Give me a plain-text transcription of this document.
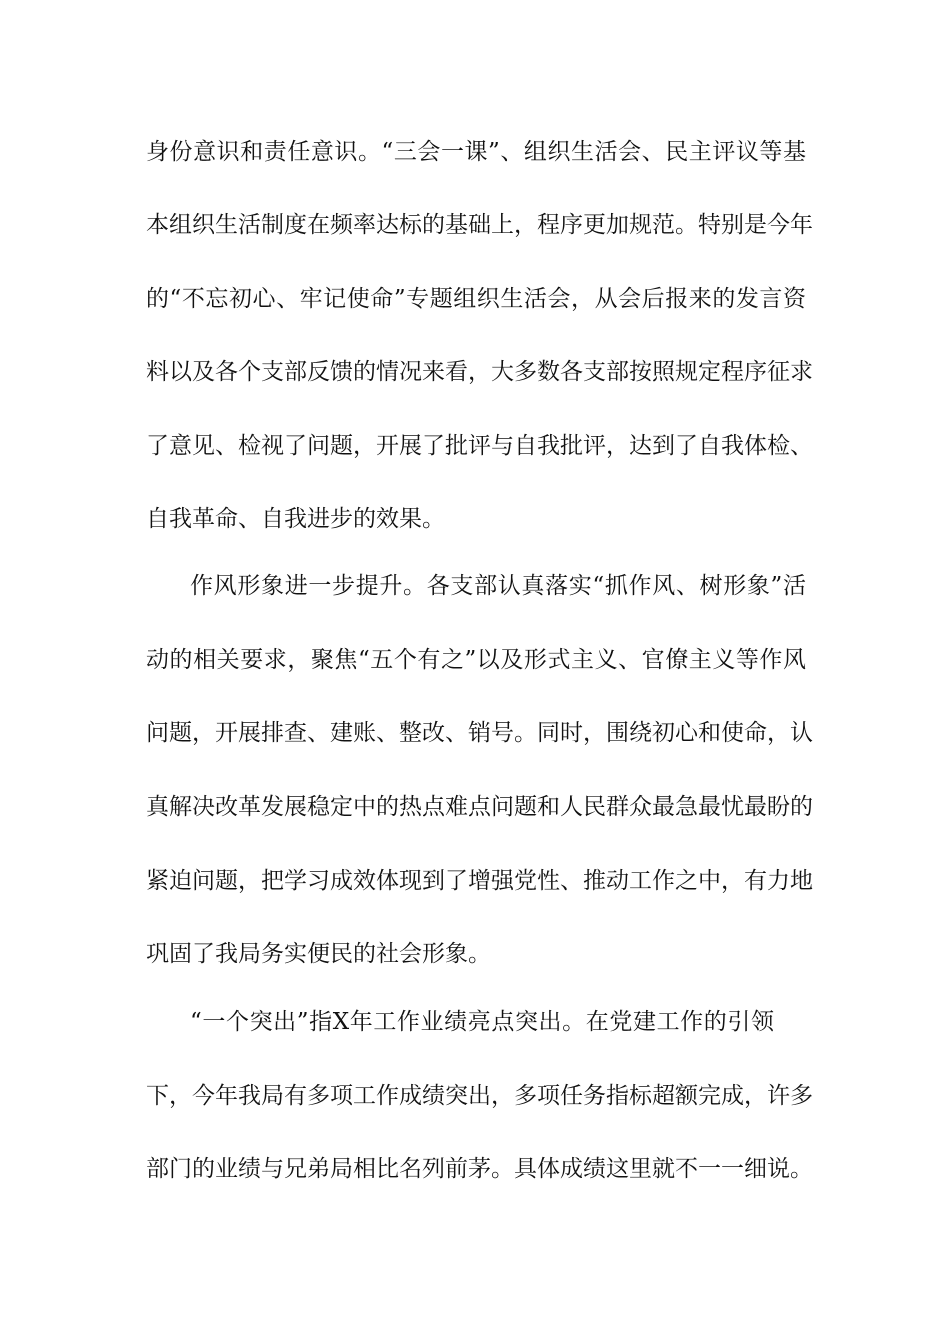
身份意识和责任意识。“三会一课”、组织生活会、民主评议等基
本组织生活制度在频率达标的基础上，程序更加规范。特别是今年
的“不忘初心、牢记使命”专题组织生活会，从会后报来的发言资
料以及各个支部反馈的情况来看，大多数各支部按照规定程序征求
了意见、检视了问题，开展了批评与自我批评，达到了自我体检、
自我革命、自我进步的效果。
作风形象进一步提升。各支部认真落实“抓作风、树形象”活
动的相关要求，聚焦“五个有之”以及形式主义、官僚主义等作风
问题，开展排查、建账、整改、销号。同时，围绕初心和使命，认
真解决改革发展稳定中的热点难点问题和人民群众最急最忧最盼的
紧迫问题，把学习成效体现到了增强党性、推动工作之中，有力地
巩固了我局务实便民的社会形象。
“一个突出”指X年工作业绩亮点突出。在党建工作的引领
下，今年我局有多项工作成绩突出，多项任务指标超额完成，许多
部门的业绩与兄弟局相比名列前茅。具体成绩这里就不一一细说。
